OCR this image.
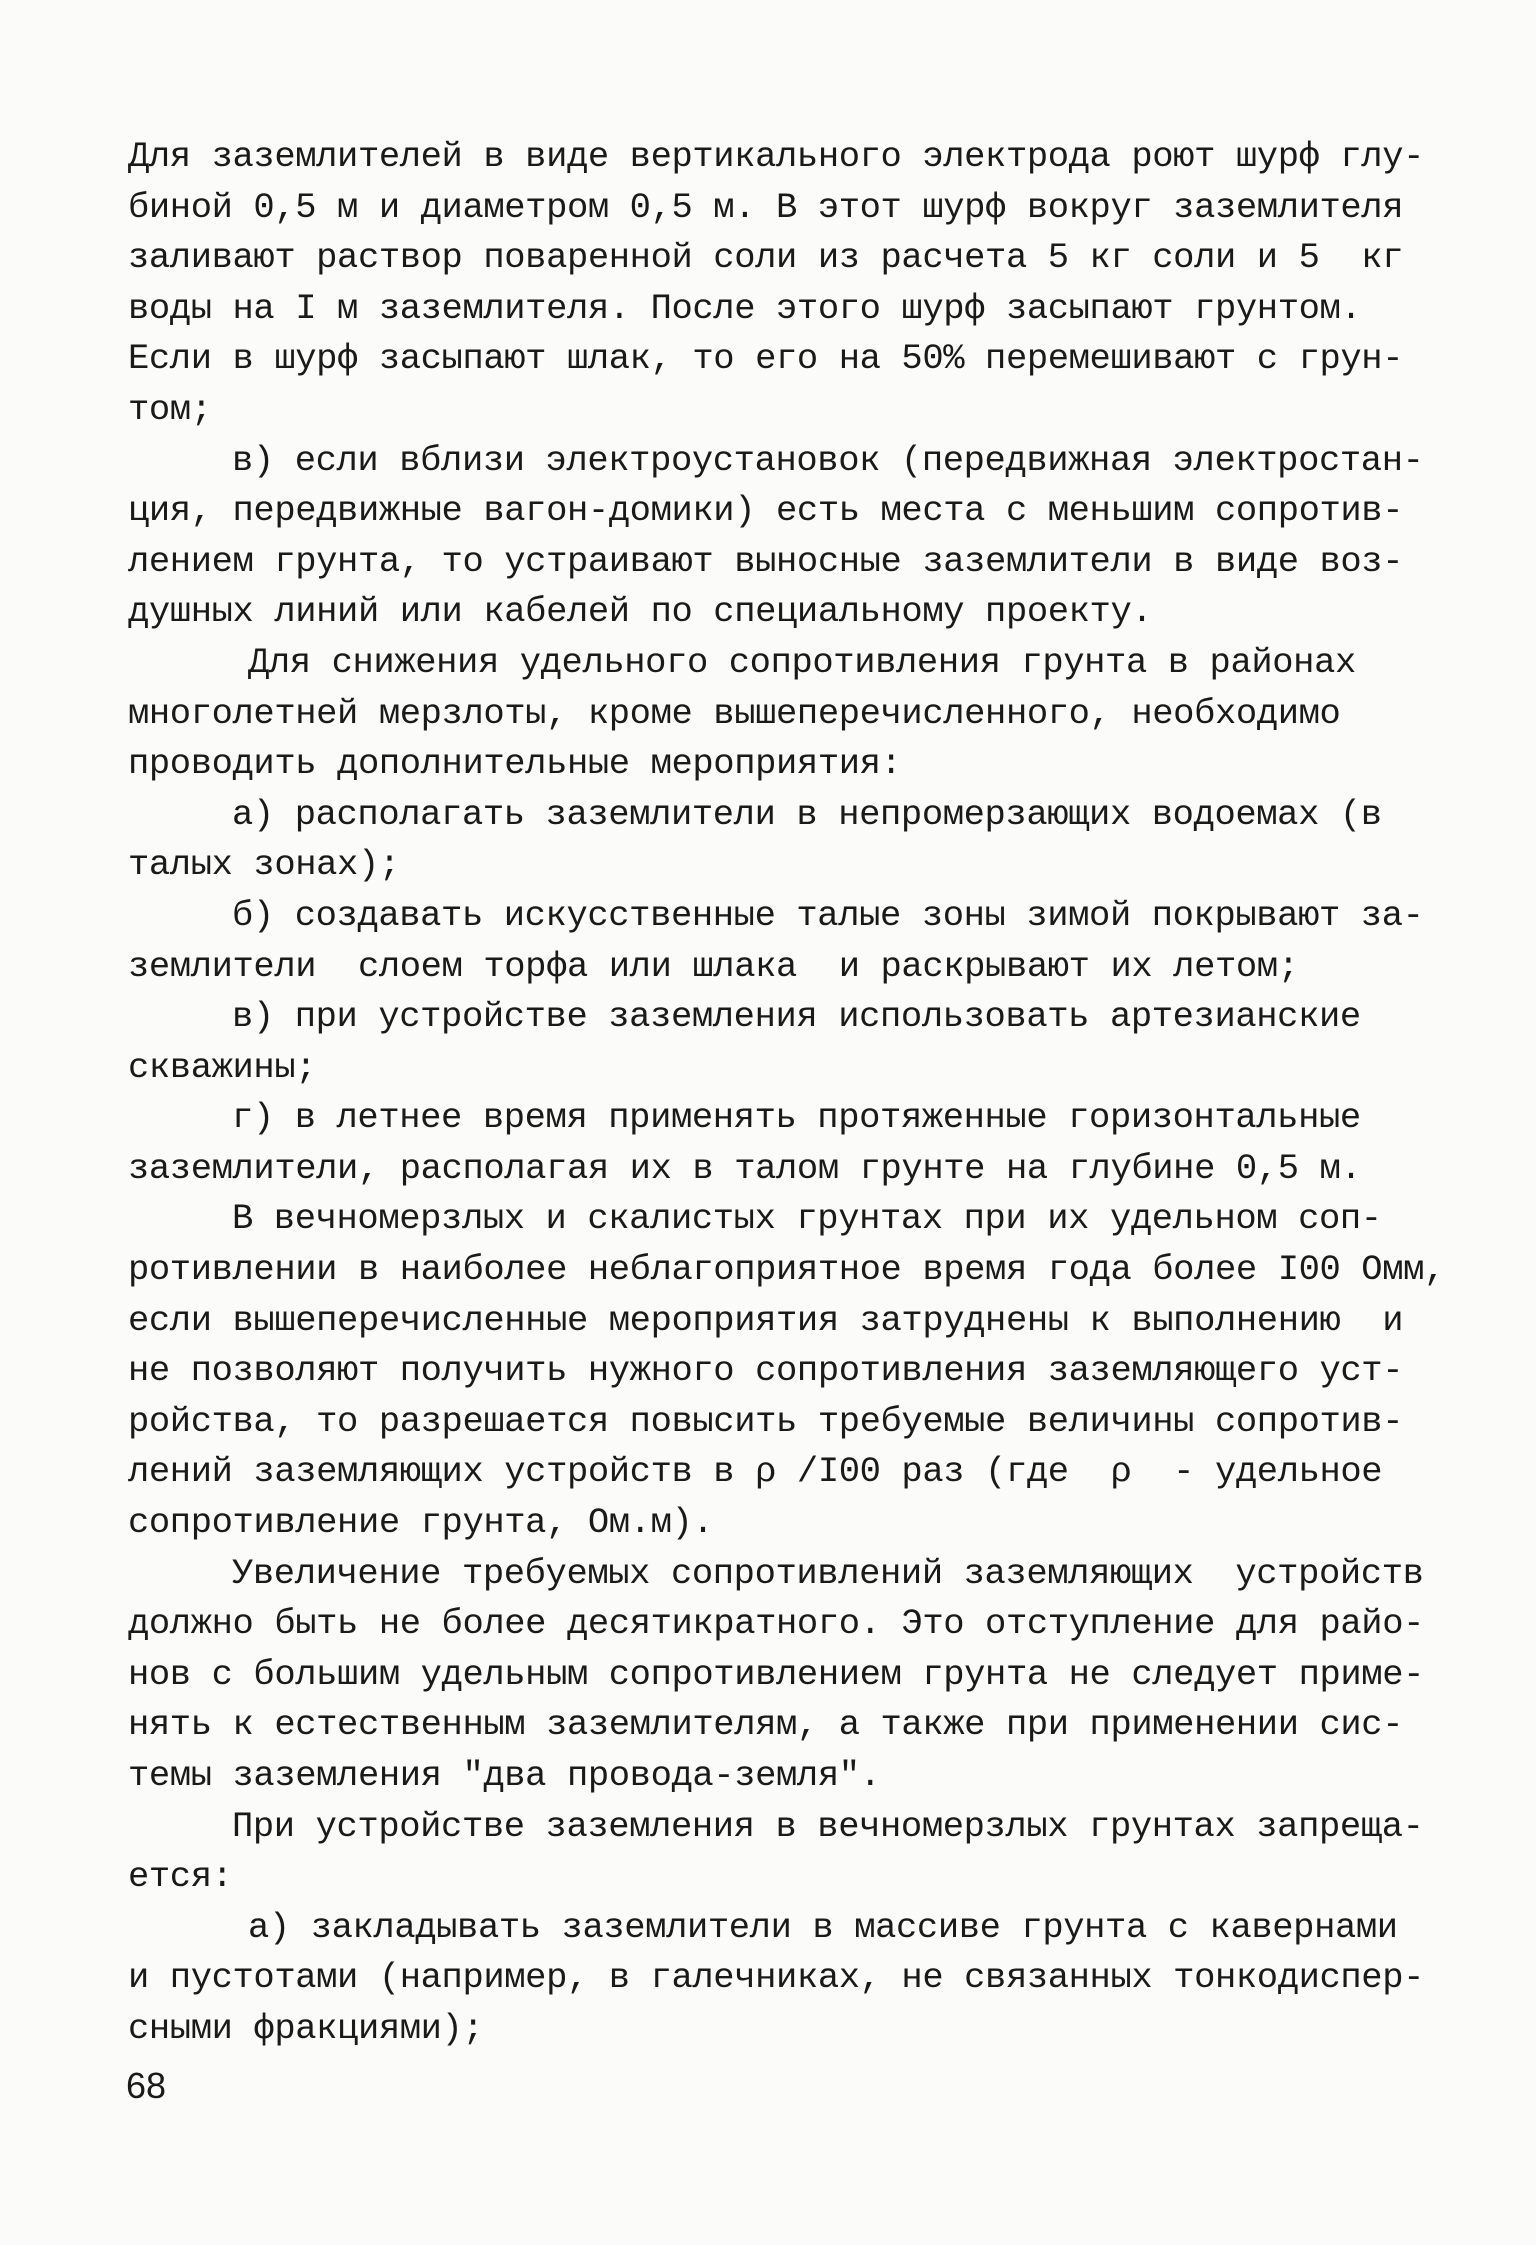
Для заземлителей в виде вертикального электрода роют шурф глу-
биной 0,5 м и диаметром 0,5 м. В этот шурф вокруг заземлителя
заливают раствор поваренной соли из расчета 5 кг соли и 5  кг
воды на I м заземлителя. После этого шурф засыпают грунтом.
Если в шурф засыпают шлак, то его на 50% перемешивают с грун-
том;
в) если вблизи электроустановок (передвижная электростан-
ция, передвижные вагон-домики) есть места с меньшим сопротив-
лением грунта, то устраивают выносные заземлители в виде воз-
душных линий или кабелей по специальному проекту.
Для снижения удельного сопротивления грунта в районах
многолетней мерзлоты, кроме вышеперечисленного, необходимо
проводить дополнительные мероприятия:
а) располагать заземлители в непромерзающих водоемах (в
талых зонах);
б) создавать искусственные талые зоны зимой покрывают за-
землители  слоем торфа или шлака  и раскрывают их летом;
в) при устройстве заземления использовать артезианские
скважины;
г) в летнее время применять протяженные горизонтальные
заземлители, располагая их в талом грунте на глубине 0,5 м.
В вечномерзлых и скалистых грунтах при их удельном соп-
ротивлении в наиболее неблагоприятное время года более I00 Омм,
если вышеперечисленные мероприятия затруднены к выполнению  и
не позволяют получить нужного сопротивления заземляющего уст-
ройства, то разрешается повысить требуемые величины сопротив-
лений заземляющих устройств в ρ /I00 раз (где  ρ  - удельное
сопротивление грунта, Ом.м).
Увеличение требуемых сопротивлений заземляющих  устройств
должно быть не более десятикратного. Это отступление для райо-
нов с большим удельным сопротивлением грунта не следует приме-
нять к естественным заземлителям, а также при применении сис-
темы заземления "два провода-земля".
При устройстве заземления в вечномерзлых грунтах запреща-
ется:
а) закладывать заземлители в массиве грунта с кавернами
и пустотами (например, в галечниках, не связанных тонкодиспер-
сными фракциями);
68
